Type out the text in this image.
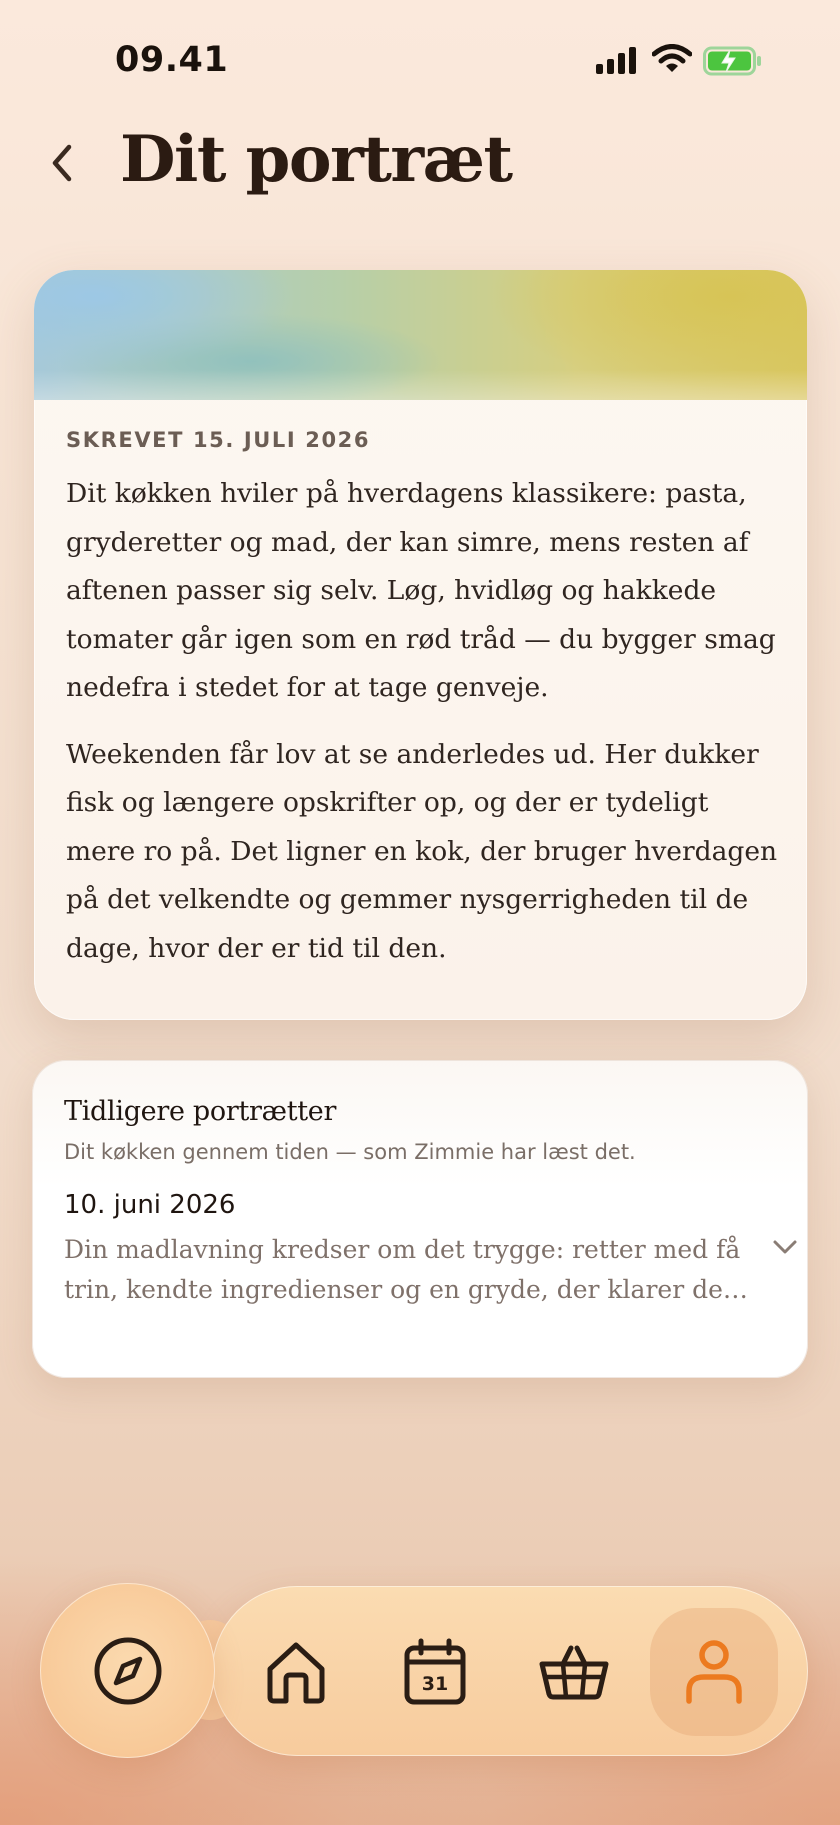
09.41
Dit portræt
SKREVET 15. JULI 2026

Dit køkken hviler på hverdagens klassikere: pasta, gryderetter og mad, der kan simre, mens resten af aftenen passer sig selv. Løg, hvidløg og hakkede tomater går igen som en rød tråd — du bygger smag nedefra i stedet for at tage genveje.

Weekenden får lov at se anderledes ud. Her dukker fisk og længere opskrifter op, og der er tydeligt mere ro på. Det ligner en kok, der bruger hverdagen på det velkendte og gemmer nysgerrigheden til de dage, hvor der er tid til den.

Tidligere portrætter
Dit køkken gennem tiden — som Zimmie har læst det.
10. juni 2026
Din madlavning kredser om det trygge: retter med få trin, kendte ingredienser og en gryde, der klarer de…
31
